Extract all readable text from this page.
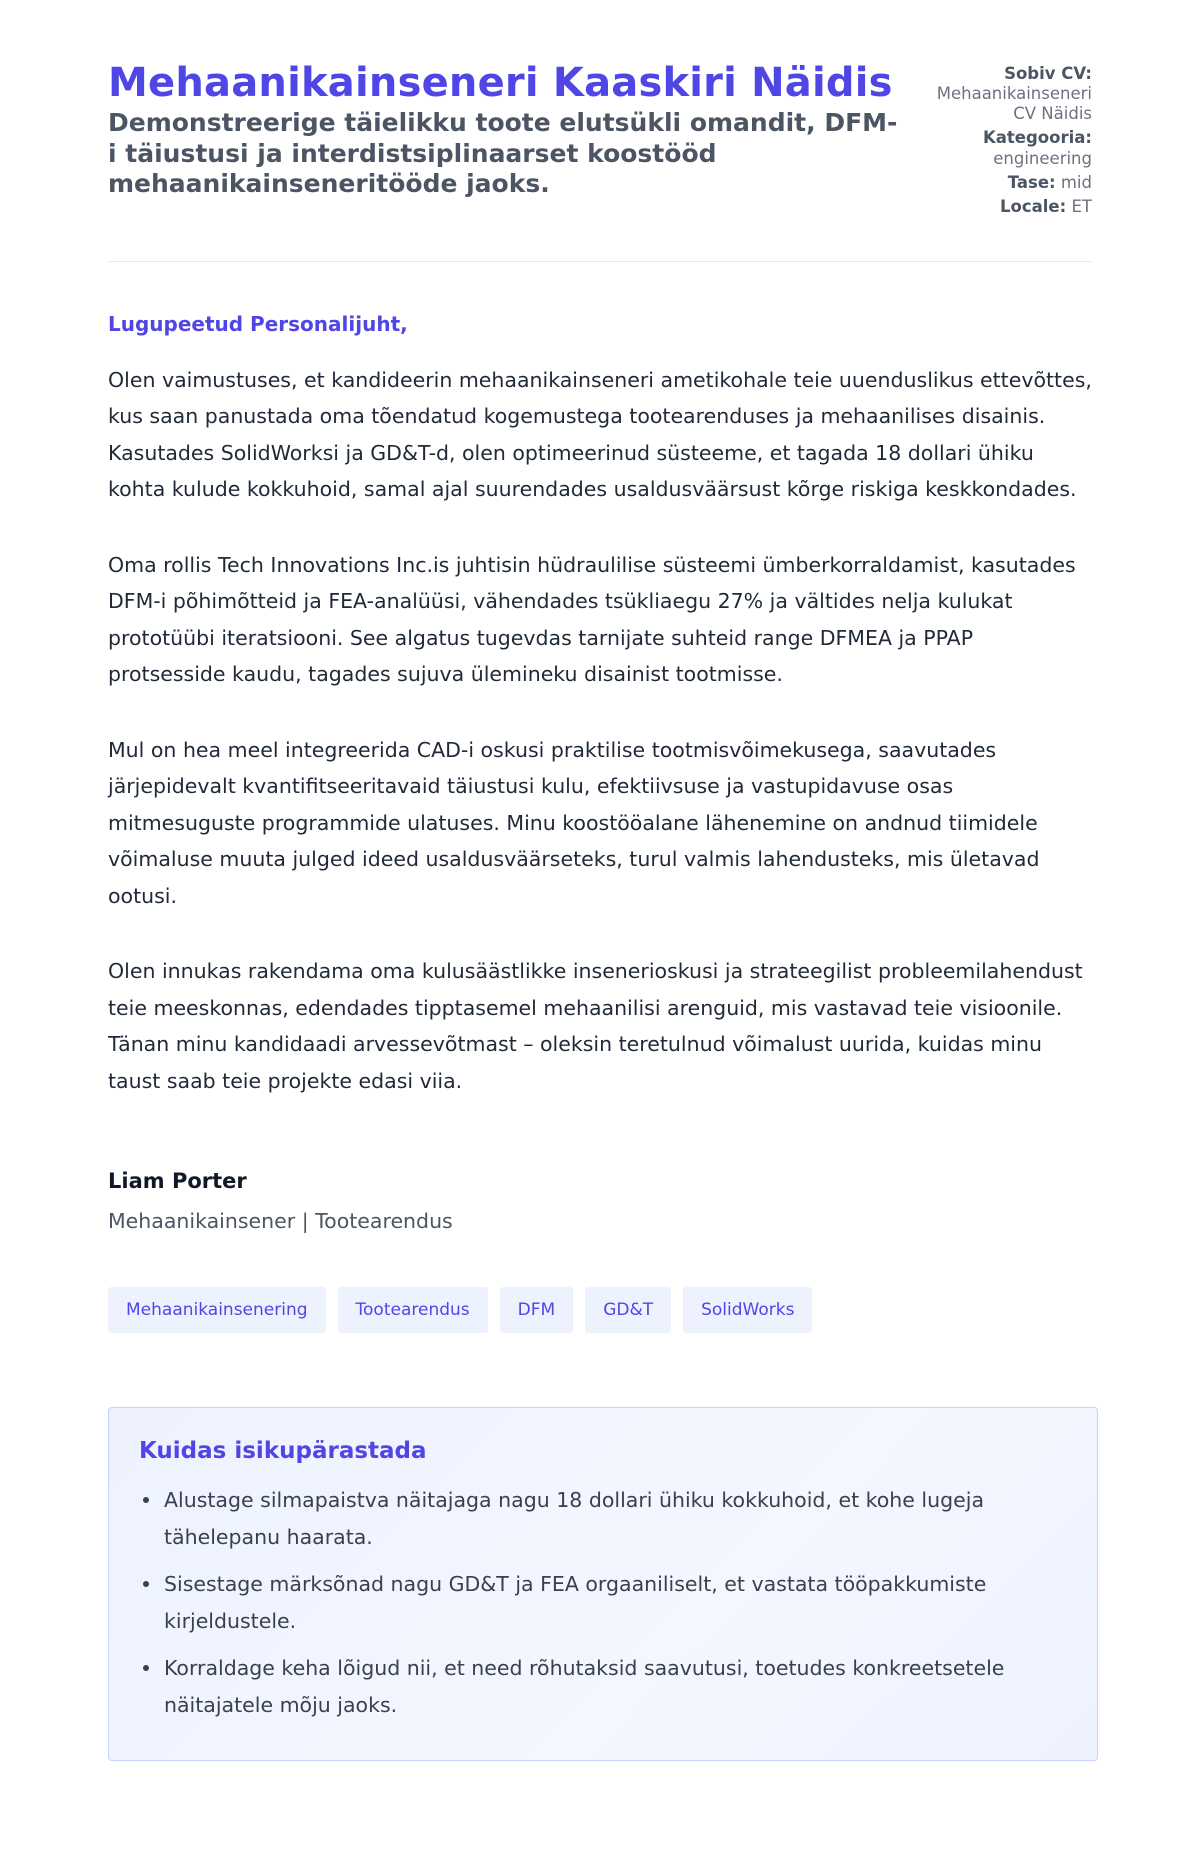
Mehaanikainseneri Kaaskiri Näidis
Demonstreerige täielikku toote elutsükli omandit, DFM-i täiustusi ja interdistsiplinaarset koostööd mehaanikainseneritööde jaoks.
Sobiv CV:
Mehaanikainseneri CV Näidis
Kategooria:
engineering
Tase: mid
Locale: ET
Lugupeetud Personalijuht,

Olen vaimustuses, et kandideerin mehaanikainseneri ametikohale teie uuenduslikus ettevõttes, kus saan panustada oma tõendatud kogemustega tootearenduses ja mehaanilises disainis. Kasutades SolidWorksi ja GD&T-d, olen optimeerinud süsteeme, et tagada 18 dollari ühiku kohta kulude kokkuhoid, samal ajal suurendades usaldusväärsust kõrge riskiga keskkondades.

Oma rollis Tech Innovations Inc.is juhtisin hüdraulilise süsteemi ümberkorraldamist, kasutades DFM-i põhimõtteid ja FEA-analüüsi, vähendades tsükliaegu 27% ja vältides nelja kulukat prototüübi iteratsiooni. See algatus tugevdas tarnijate suhteid range DFMEA ja PPAP protsesside kaudu, tagades sujuva ülemineku disainist tootmisse.

Mul on hea meel integreerida CAD-i oskusi praktilise tootmisvõimekusega, saavutades järjepidevalt kvantifitseeritavaid täiustusi kulu, efektiivsuse ja vastupidavuse osas mitmesuguste programmide ulatuses. Minu koostööalane lähenemine on andnud tiimidele võimaluse muuta julged ideed usaldusväärseteks, turul valmis lahendusteks, mis ületavad ootusi.

Olen innukas rakendama oma kulusäästlikke insenerioskusi ja strateegilist probleemilahendust teie meeskonnas, edendades tipptasemel mehaanilisi arenguid, mis vastavad teie visioonile. Tänan minu kandidaadi arvessevõtmast – oleksin teretulnud võimalust uurida, kuidas minu taust saab teie projekte edasi viia.

Liam Porter
Mehaanikainsener | Tootearendus
Mehaanikainsenering	Tootearendus	DFM	GD&T	SolidWorks
Kuidas isikupärastada
Alustage silmapaistva näitajaga nagu 18 dollari ühiku kokkuhoid, et kohe lugeja tähelepanu haarata.
Sisestage märksõnad nagu GD&T ja FEA orgaaniliselt, et vastata tööpakkumiste kirjeldustele.
Korraldage keha lõigud nii, et need rõhutaksid saavutusi, toetudes konkreetsetele näitajatele mõju jaoks.
